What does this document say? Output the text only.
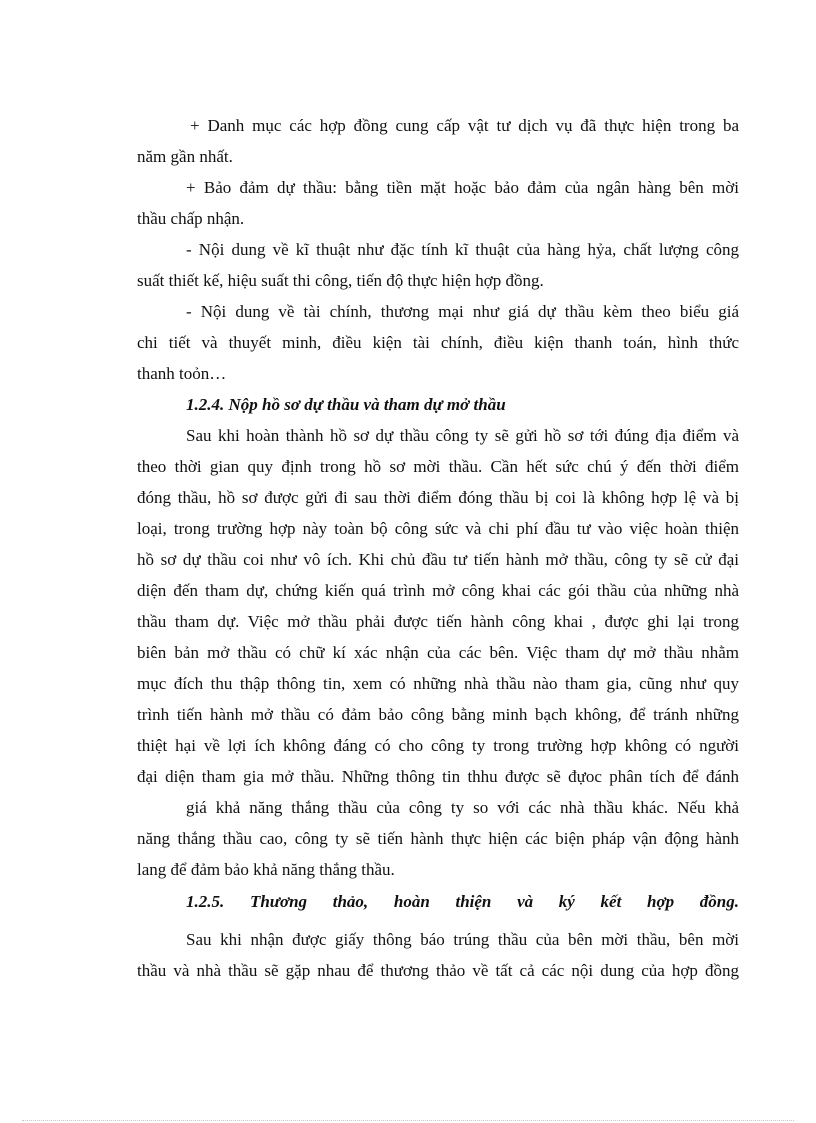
+ Danh mục các hợp đồng cung cấp vật tư dịch vụ đã thực hiện trong ba
năm gần nhất.
+ Bảo đảm dự thầu: bằng tiền mặt hoặc bảo đảm của ngân hàng bên mời
thầu chấp nhận.
- Nội dung về kĩ thuật như đặc tính kĩ thuật của hàng hỷa, chất lượng công
suất thiết kế, hiệu suất thi công, tiến độ thực hiện hợp đồng.
- Nội dung về tài chính, thương mại như giá dự thầu kèm theo biểu giá
chi tiết và thuyết minh, điều kiện tài chính, điều kiện thanh toán, hình thức
thanh toỏn…
1.2.4. Nộp hồ sơ dự thầu và tham dự mở thầu
Sau khi hoàn thành hồ sơ dự thầu công ty sẽ gửi hồ sơ tới đúng địa điểm và
theo thời gian quy định trong hồ sơ mời thầu. Cần hết sức chú ý đến thời điểm
đóng thầu, hồ sơ được gửi đi sau thời điểm đóng thầu bị coi là không hợp lệ và bị
loại, trong trường hợp này toàn bộ công sức và chi phí đầu tư vào việc hoàn thiện
hồ sơ dự thầu coi như vô ích. Khi chủ đầu tư tiến hành mở thầu, công ty sẽ cử đại
diện đến tham dự, chứng kiến quá trình mở công khai các gói thầu của những nhà
thầu tham dự. Việc mở thầu phải được tiến hành công khai , được ghi lại trong
biên bản mở thầu có chữ kí xác nhận của các bên. Việc tham dự mở thầu nhằm
mục đích thu thập thông tin, xem có những nhà thầu nào tham gia, cũng như quy
trình tiến hành mở thầu có đảm bảo công bằng minh bạch không, để tránh những
thiệt hại về lợi ích không đáng có cho công ty trong trường hợp không có người
đại diện tham gia mở thầu. Những thông tin thhu được sẽ đựoc phân tích để đánh
giá khả năng thắng thầu của công ty so với các nhà thầu khác. Nếu khả
năng thắng thầu cao, công ty sẽ tiến hành thực hiện các biện pháp vận động hành
lang để đảm bảo khả năng thắng thầu.
1.2.5. Thương thảo, hoàn thiện và ký kết hợp đồng.
Sau khi nhận được giấy thông báo trúng thầu của bên mời thầu, bên mời
thầu và nhà thầu sẽ gặp nhau để thương thảo về tất cả các nội dung của hợp đồng
